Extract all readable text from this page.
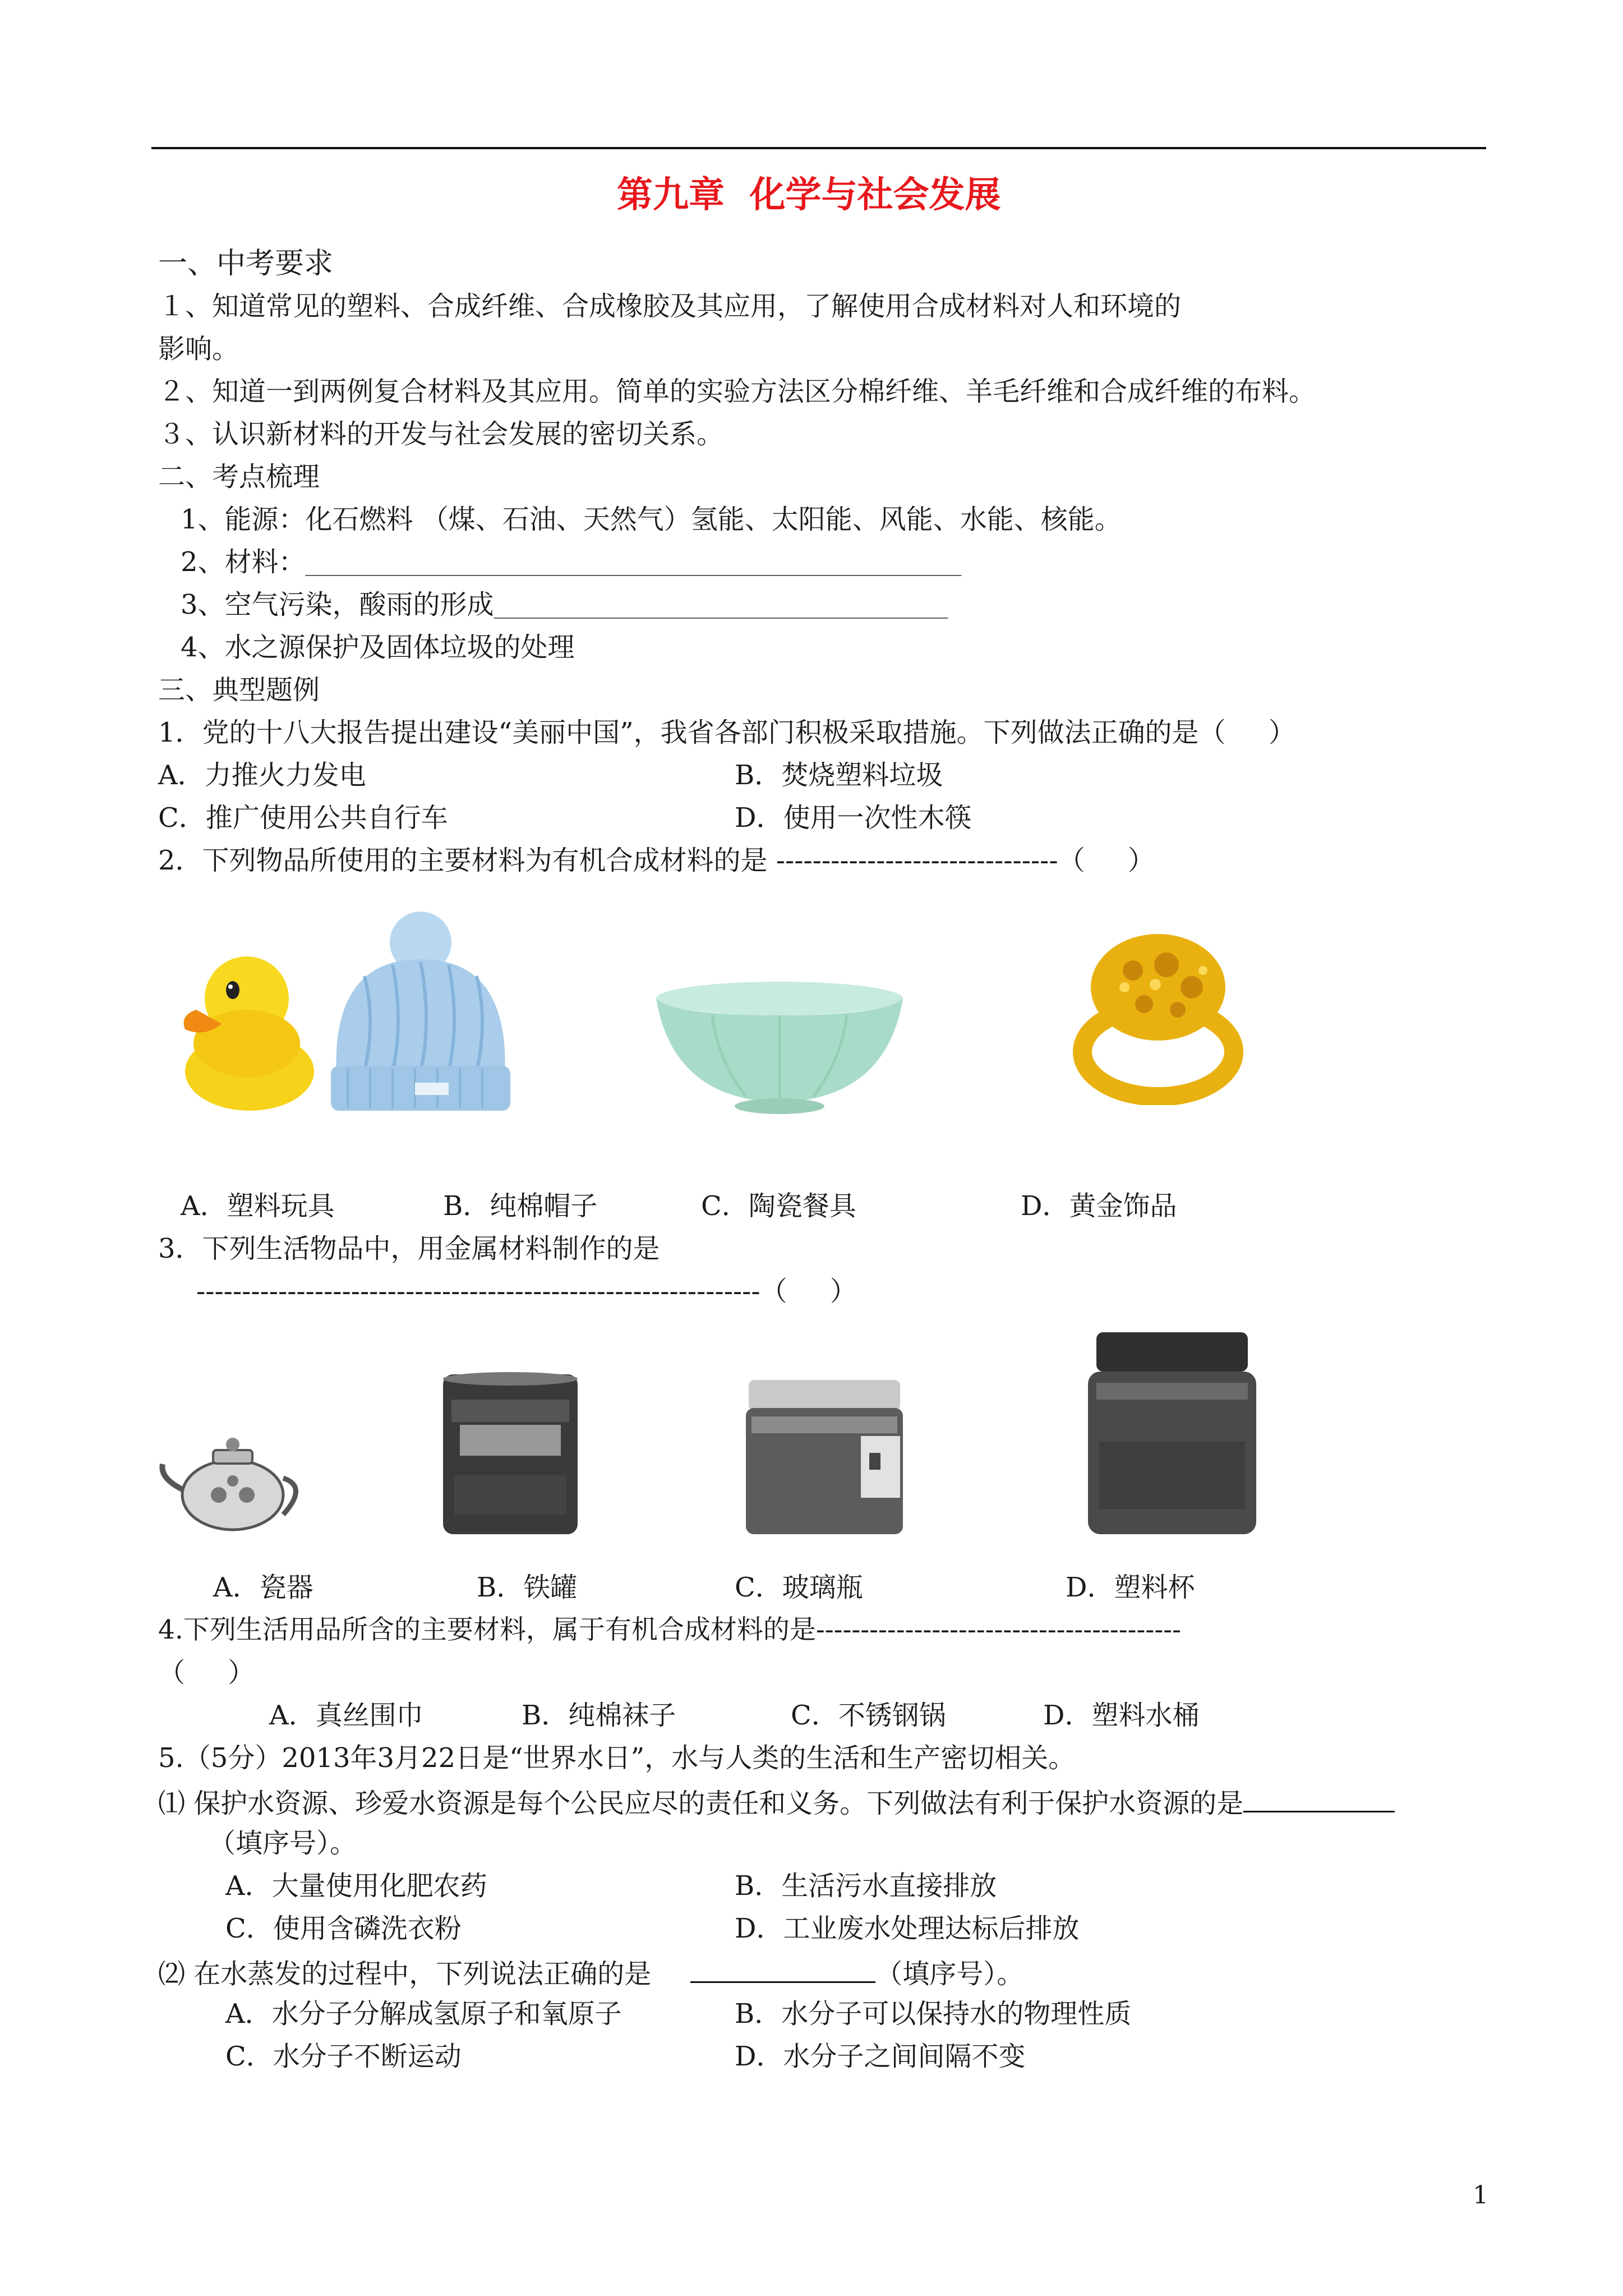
第九章  化学与社会发展
一、中考要求
１、知道常见的塑料、合成纤维、合成橡胶及其应用，了解使用合成材料对人和环境的
影响。
２、知道一到两例复合材料及其应用。简单的实验方法区分棉纤维、羊毛纤维和合成纤维的布料。
３、认识新材料的开发与社会发展的密切关系。
二、考点梳理
1、能源：化石燃料 （煤、石油、天然气）氢能、太阳能、风能、水能、核能。
2、材料：_________________________________________________________________
3、空气污染，酸雨的形成_____________________________________________
4、水之源保护及固体垃圾的处理
三、典型题例
1．党的十八大报告提出建设“美丽中国”，我省各部门积极采取措施。下列做法正确的是（     ）
A．力推火力发电	B．焚烧塑料垃圾
C．推广使用公共自行车	D．使用一次性木筷
2．下列物品所使用的主要材料为有机合成材料的是 -------------------------------（     ）
A．塑料玩具	B．纯棉帽子	C．陶瓷餐具	D．黄金饰品
3．下列生活物品中，用金属材料制作的是
--------------------------------------------------------------（     ）
A．瓷器	B．铁罐	C．玻璃瓶	D．塑料杯
4.下列生活用品所含的主要材料，属于有机合成材料的是-----------------------------------------
（     ）
A．真丝围巾	B．纯棉袜子	C．不锈钢锅	D．塑料水桶
5.（5分）2013年3月22日是“世界水日”，水与人类的生活和生产密切相关。
⑴ 保护水资源、珍爱水资源是每个公民应尽的责任和义务。下列做法有利于保护水资源的是
（填序号）。
A．大量使用化肥农药	B．生活污水直接排放
C．使用含磷洗衣粉	D．工业废水处理达标后排放
⑵ 在水蒸发的过程中，下列说法正确的是	（填序号）。
A．水分子分解成氢原子和氧原子	B．水分子可以保持水的物理性质
C．水分子不断运动	D．水分子之间间隔不变
1
